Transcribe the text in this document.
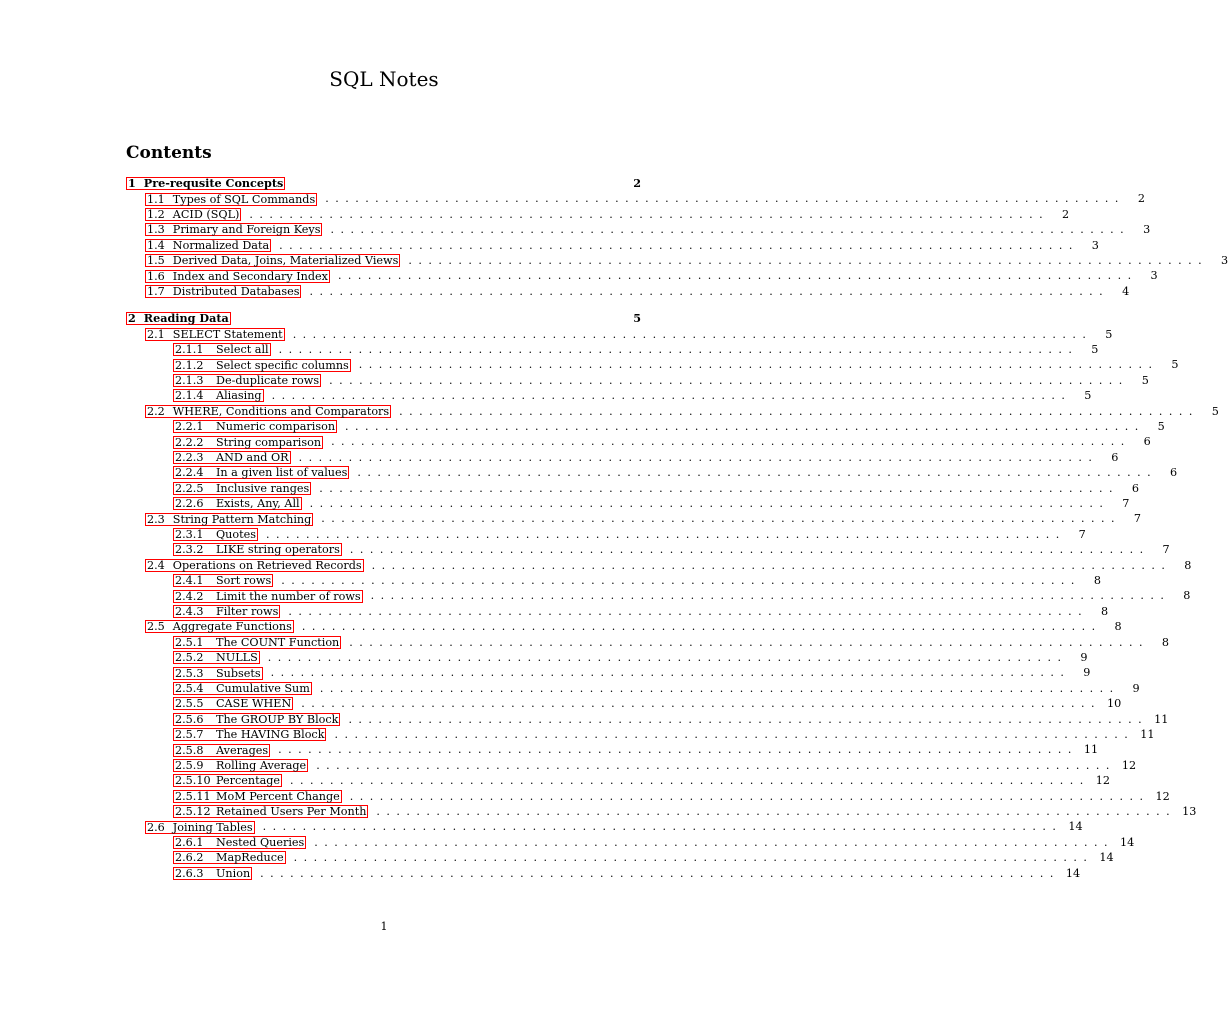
SQL Notes
Contents
1 Pre-requsite Concepts	2
1.1 Types of SQL Commands ................................................................................	2
1.2 ACID (SQL) ................................................................................	2
1.3 Primary and Foreign Keys ................................................................................	3
1.4 Normalized Data ................................................................................	3
1.5 Derived Data, Joins, Materialized Views ................................................................................	3
1.6 Index and Secondary Index ................................................................................	3
1.7 Distributed Databases ................................................................................	4
2 Reading Data	5
2.1 SELECT Statement ................................................................................	5
2.1.1	Select all ................................................................................	5
2.1.2	Select specific columns ................................................................................	5
2.1.3	De-duplicate rows ................................................................................	5
2.1.4	Aliasing ................................................................................	5
2.2 WHERE, Conditions and Comparators ................................................................................	5
2.2.1	Numeric comparison ................................................................................	5
2.2.2	String comparison ................................................................................	6
2.2.3	AND and OR ................................................................................	6
2.2.4	In a given list of values ................................................................................	6
2.2.5	Inclusive ranges ................................................................................	6
2.2.6	Exists, Any, All ................................................................................	7
2.3 String Pattern Matching ................................................................................	7
2.3.1	Quotes ................................................................................	7
2.3.2	LIKE string operators ................................................................................	7
2.4 Operations on Retrieved Records ................................................................................	8
2.4.1	Sort rows ................................................................................	8
2.4.2	Limit the number of rows ................................................................................	8
2.4.3	Filter rows ................................................................................	8
2.5 Aggregate Functions ................................................................................	8
2.5.1	The COUNT Function ................................................................................	8
2.5.2	NULLS ................................................................................	9
2.5.3	Subsets ................................................................................	9
2.5.4	Cumulative Sum ................................................................................	9
2.5.5	CASE WHEN ................................................................................ 10
2.5.6	The GROUP BY Block ................................................................................ 11
2.5.7	The HAVING Block ................................................................................ 11
2.5.8	Averages ................................................................................ 11
2.5.9	Rolling Average ................................................................................ 12
2.5.10 Percentage ................................................................................ 12
2.5.11 MoM Percent Change ................................................................................ 12
2.5.12 Retained Users Per Month ................................................................................ 13
2.6 Joining Tables ................................................................................ 14
2.6.1	Nested Queries ................................................................................ 14
2.6.2	MapReduce ................................................................................ 14
2.6.3	Union ................................................................................ 14
1
